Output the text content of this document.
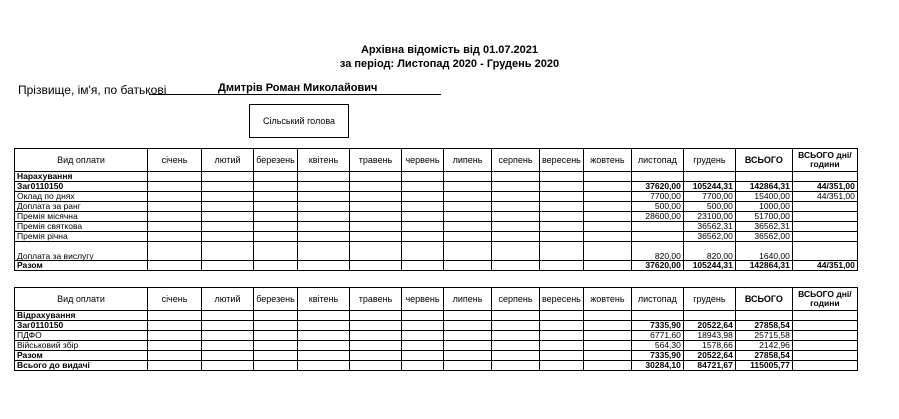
Архівна відомість від 01.07.2021
за період: Листопад 2020 - Грудень 2020
Прізвище, ім'я, по батькові	Дмитрів Роман Миколайович
Сільський голова
Вид оплати	січень	лютий	березень	квітень	травень	червень	липень	серпень	вересень	жовтень	листопад	грудень	ВСЬОГО	ВСЬОГО дні/години
Нарахування														
Заг0110150											37620,00	105244,31	142864,31	44/351,00
Оклад по днях											7700,00	7700,00	15400,00	44/351,00
Доплата за ранг											500,00	500,00	1000,00	
Премія місячна											28600,00	23100,00	51700,00	
Премія святкова												36562,31	36562,31	
Премія річна												36562,00	36562,00	
Доплата за вислугу											820,00	820,00	1640,00	
Разом											37620,00	105244,31	142864,31	44/351,00
Вид оплати	січень	лютий	березень	квітень	травень	червень	липень	серпень	вересень	жовтень	листопад	грудень	ВСЬОГО	ВСЬОГО дні/години
Відрахування														
Заг0110150											7335,90	20522,64	27858,54	
ПДФО											6771,60	18943,98	25715,58	
Військовий збір											564,30	1578,66	2142,96	
Разом											7335,90	20522,64	27858,54	
Всього до видачі											30284,10	84721,67	115005,77	
